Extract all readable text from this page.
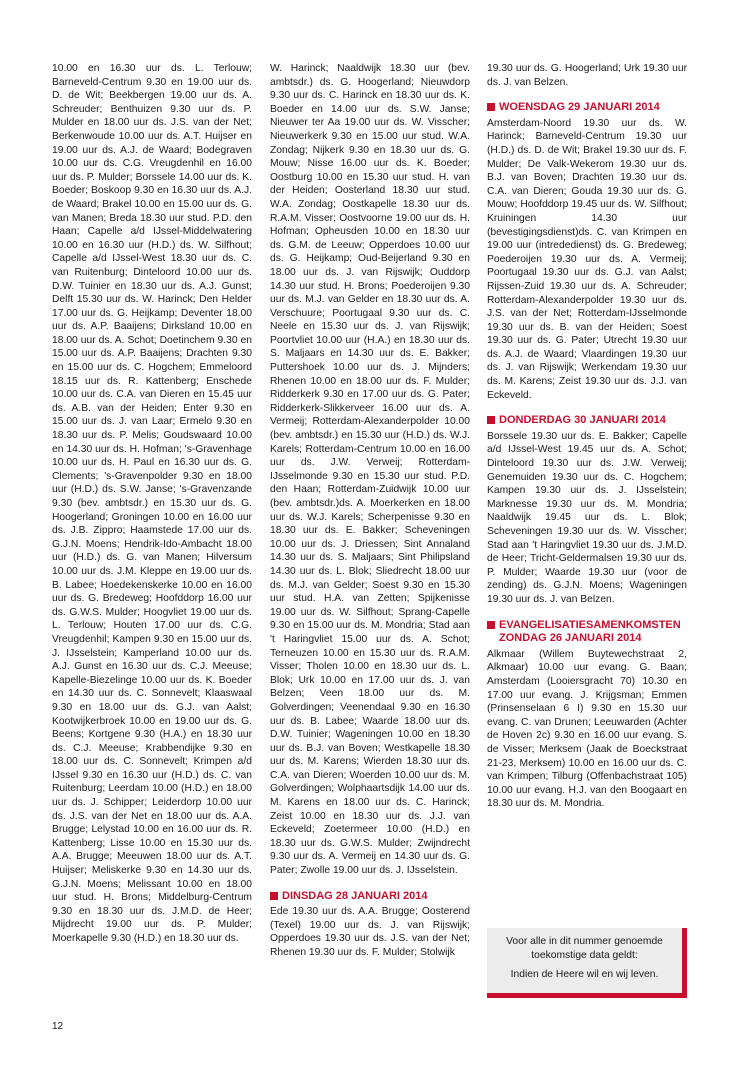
10.00 en 16.30 uur ds. L. Terlouw; Barneveld-Centrum 9.30 en 19.00 uur ds. D. de Wit; Beekbergen 19.00 uur ds. A. Schreuder; Benthuizen 9.30 uur ds. P. Mulder en 18.00 uur ds. J.S. van der Net; Berkenwoude 10.00 uur ds. A.T. Huijser en 19.00 uur ds. A.J. de Waard; Bodegraven 10.00 uur ds. C.G. Vreugdenhil en 16.00 uur ds. P. Mulder; Borssele 14.00 uur ds. K. Boeder; Boskoop 9.30 en 16.30 uur ds. A.J. de Waard; Brakel 10.00 en 15.00 uur ds. G. van Manen; Breda 18.30 uur stud. P.D. den Haan; Capelle a/d IJssel-Middelwatering 10.00 en 16.30 uur (H.D.) ds. W. Silfhout; Capelle a/d IJssel-West 18.30 uur ds. C. van Ruitenburg; Dinteloord 10.00 uur ds. D.W. Tuinier en 18.30 uur ds. A.J. Gunst; Delft 15.30 uur ds. W. Harinck; Den Helder 17.00 uur ds. G. Heijkamp; Deventer 18.00 uur ds. A.P. Baaijens; Dirksland 10.00 en 18.00 uur ds. A. Schot; Doetinchem 9.30 en 15.00 uur ds. A.P. Baaijens; Drachten 9.30 en 15.00 uur ds. C. Hogchem; Emmeloord 18.15 uur ds. R. Kattenberg; Enschede 10.00 uur ds. C.A. van Dieren en 15.45 uur ds. A.B. van der Heiden; Enter 9.30 en 15.00 uur ds. J. van Laar; Ermelo 9.30 en 18.30 uur ds. P. Melis; Goudswaard 10.00 en 14.30 uur ds. H. Hofman; 's-Gravenhage 10.00 uur ds. H. Paul en 16.30 uur ds. G. Clements; 's-Gravenpolder 9.30 en 18.00 uur (H.D.) ds. S.W. Janse; 's-Gravenzande 9.30 (bev. ambtsdr.) en 15.30 uur ds. G. Hoogerland; Groningen 10.00 en 16.00 uur ds. J.B. Zippro; Haamstede 17.00 uur ds. G.J.N. Moens; Hendrik-Ido-Ambacht 18.00 uur (H.D.) ds. G. van Manen; Hilversum 10.00 uur ds. J.M. Kleppe en 19.00 uur ds. B. Labee; Hoedekenskerke 10.00 en 16.00 uur ds. G. Bredeweg; Hoofddorp 16.00 uur ds. G.W.S. Mulder; Hoogvliet 19.00 uur ds. L. Terlouw; Houten 17.00 uur ds. C.G. Vreugdenhil; Kampen 9.30 en 15.00 uur ds. J. IJsselstein; Kamperland 10.00 uur ds. A.J. Gunst en 16.30 uur ds. C.J. Meeuse; Kapelle-Biezelinge 10.00 uur ds. K. Boeder en 14.30 uur ds. C. Sonnevelt; Klaaswaal 9.30 en 18.00 uur ds. G.J. van Aalst; Kootwijkerbroek 10.00 en 19.00 uur ds. G. Beens; Kortgene 9.30 (H.A.) en 18.30 uur ds. C.J. Meeuse; Krabbendijke 9.30 en 18.00 uur ds. C. Sonnevelt; Krimpen a/d IJssel 9.30 en 16.30 uur (H.D.) ds. C. van Ruitenburg; Leerdam 10.00 (H.D.) en 18.00 uur ds. J. Schipper; Leiderdorp 10.00 uur ds. J.S. van der Net en 18.00 uur ds. A.A. Brugge; Lelystad 10.00 en 16.00 uur ds. R. Kattenberg; Lisse 10.00 en 15.30 uur ds. A.A. Brugge; Meeuwen 18.00 uur ds. A.T. Huijser; Meliskerke 9.30 en 14.30 uur ds. G.J.N. Moens; Melissant 10.00 en 18.00 uur stud. H. Brons; Middelburg-Centrum 9.30 en 18.30 uur ds. J.M.D. de Heer; Mijdrecht 19.00 uur ds. P. Mulder; Moerkapelle 9.30 (H.D.) en 18.30 uur ds.

W. Harinck; Naaldwijk 18.30 uur (bev. ambtsdr.) ds. G. Hoogerland; Nieuwdorp 9.30 uur ds. C. Harinck en 18.30 uur ds. K. Boeder en 14.00 uur ds. S.W. Janse; Nieuwer ter Aa 19.00 uur ds. W. Visscher; Nieuwerkerk 9.30 en 15.00 uur stud. W.A. Zondag; Nijkerk 9.30 en 18.30 uur ds. G. Mouw; Nisse 16.00 uur ds. K. Boeder; Oostburg 10.00 en 15.30 uur stud. H. van der Heiden; Oosterland 18.30 uur stud. W.A. Zondag; Oostkapelle 18.30 uur ds. R.A.M. Visser; Oostvoorne 19.00 uur ds. H. Hofman; Opheusden 10.00 en 18.30 uur ds. G.M. de Leeuw; Opperdoes 10.00 uur ds. G. Heijkamp; Oud-Beijerland 9.30 en 18.00 uur ds. J. van Rijswijk; Ouddorp 14.30 uur stud. H. Brons; Poederoijen 9.30 uur ds. M.J. van Gelder en 18.30 uur ds. A. Verschuure; Poortugaal 9.30 uur ds. C. Neele en 15.30 uur ds. J. van Rijswijk; Poortvliet 10.00 uur (H.A.) en 18.30 uur ds. S. Maljaars en 14.30 uur ds. E. Bakker; Puttershoek 10.00 uur ds. J. Mijnders; Rhenen 10.00 en 18.00 uur ds. F. Mulder; Ridderkerk 9.30 en 17.00 uur ds. G. Pater; Ridderkerk-Slikkerveer 16.00 uur ds. A. Vermeij; Rotterdam-Alexanderpolder 10.00 (bev. ambtsdr.) en 15.30 uur (H.D.) ds. W.J. Karels; Rotterdam-Centrum 10.00 en 16.00 uur ds. J.W. Verweij; Rotterdam-IJsselmonde 9.30 en 15.30 uur stud. P.D. den Haan; Rotterdam-Zuidwijk 10.00 uur (bev. ambtsdr.)ds. A. Moerkerken en 18.00 uur ds. W.J. Karels; Scherpenisse 9.30 en 18.30 uur ds. E. Bakker; Scheveningen 10.00 uur ds. J. Driessen; Sint Annaland 14.30 uur ds. S. Maljaars; Sint Philipsland 14.30 uur ds. L. Blok; Sliedrecht 18.00 uur ds. M.J. van Gelder; Soest 9.30 en 15.30 uur stud. H.A. van Zetten; Spijkenisse 19.00 uur ds. W. Silfhout; Sprang-Capelle 9.30 en 15.00 uur ds. M. Mondria; Stad aan 't Haringvliet 15.00 uur ds. A. Schot; Terneuzen 10.00 en 15.30 uur ds. R.A.M. Visser; Tholen 10.00 en 18.30 uur ds. L. Blok; Urk 10.00 en 17.00 uur ds. J. van Belzen; Veen 18.00 uur ds. M. Golverdingen; Veenendaal 9.30 en 16.30 uur ds. B. Labee; Waarde 18.00 uur ds. D.W. Tuinier; Wageningen 10.00 en 18.30 uur ds. B.J. van Boven; Westkapelle 18.30 uur ds. M. Karens; Wierden 18.30 uur ds. C.A. van Dieren; Woerden 10.00 uur ds. M. Golverdingen; Wolphaartsdijk 14.00 uur ds. M. Karens en 18.00 uur ds. C. Harinck; Zeist 10.00 en 18.30 uur ds. J.J. van Eckeveld; Zoetermeer 10.00 (H.D.) en 18.30 uur ds. G.W.S. Mulder; Zwijndrecht 9.30 uur ds. A. Vermeij en 14.30 uur ds. G. Pater; Zwolle 19.00 uur ds. J. IJsselstein.

DINSDAG 28 JANUARI 2014

Ede 19.30 uur ds. A.A. Brugge; Oosterend (Texel) 19.00 uur ds. J. van Rijswijk; Opperdoes 19.30 uur ds. J.S. van der Net; Rhenen 19.30 uur ds. F. Mulder; Stolwijk

19.30 uur ds. G. Hoogerland; Urk 19.30 uur ds. J. van Belzen.

WOENSDAG 29 JANUARI 2014

Amsterdam-Noord 19.30 uur ds. W. Harinck; Barneveld-Centrum 19.30 uur (H.D.) ds. D. de Wit; Brakel 19.30 uur ds. F. Mulder; De Valk-Wekerom 19.30 uur ds. B.J. van Boven; Drachten 19.30 uur ds. C.A. van Dieren; Gouda 19.30 uur ds. G. Mouw; Hoofddorp 19.45 uur ds. W. Silfhout; Kruiningen 14.30 uur (bevestigingsdienst)ds. C. van Krimpen en 19.00 uur (intrededienst) ds. G. Bredeweg; Poederoijen 19.30 uur ds. A. Vermeij; Poortugaal 19.30 uur ds. G.J. van Aalst; Rijssen-Zuid 19.30 uur ds. A. Schreuder; Rotterdam-Alexanderpolder 19.30 uur ds. J.S. van der Net; Rotterdam-IJsselmonde 19.30 uur ds. B. van der Heiden; Soest 19.30 uur ds. G. Pater; Utrecht 19.30 uur ds. A.J. de Waard; Vlaardingen 19.30 uur ds. J. van Rijswijk; Werkendam 19.30 uur ds. M. Karens; Zeist 19.30 uur ds. J.J. van Eckeveld.

DONDERDAG 30 JANUARI 2014

Borssele 19.30 uur ds. E. Bakker; Capelle a/d IJssel-West 19.45 uur ds. A. Schot; Dinteloord 19.30 uur ds. J.W. Verweij; Genemuiden 19.30 uur ds. C. Hogchem; Kampen 19.30 uur ds. J. IJsselstein; Marknesse 19.30 uur ds. M. Mondria; Naaldwijk 19.45 uur ds. L. Blok; Scheveningen 19.30 uur ds. W. Visscher; Stad aan 't Haringvliet 19.30 uur ds. J.M.D. de Heer; Tricht-Geldermalsen 19.30 uur ds. P. Mulder; Waarde 19.30 uur (voor de zending) ds. G.J.N. Moens; Wageningen 19.30 uur ds. J. van Belzen.

EVANGELISATIESAMENKOMSTEN
ZONDAG 26 JANUARI 2014

Alkmaar (Willem Buytewechstraat 2, Alkmaar) 10.00 uur evang. G. Baan; Amsterdam (Looiersgracht 70) 10.30 en 17.00 uur evang. J. Krijgsman; Emmen (Prinsenselaan 6 I) 9.30 en 15.30 uur evang. C. van Drunen; Leeuwarden (Achter de Hoven 2c) 9.30 en 16.00 uur evang. S. de Visser; Merksem (Jaak de Boeckstraat 21-23, Merksem) 10.00 en 16.00 uur ds. C. van Krimpen; Tilburg (Offenbachstraat 105) 10.00 uur evang. H.J. van den Boogaart en 18.30 uur ds. M. Mondria.

Voor alle in dit nummer genoemde toekomstige data geldt:
Indien de Heere wil en wij leven.
12
